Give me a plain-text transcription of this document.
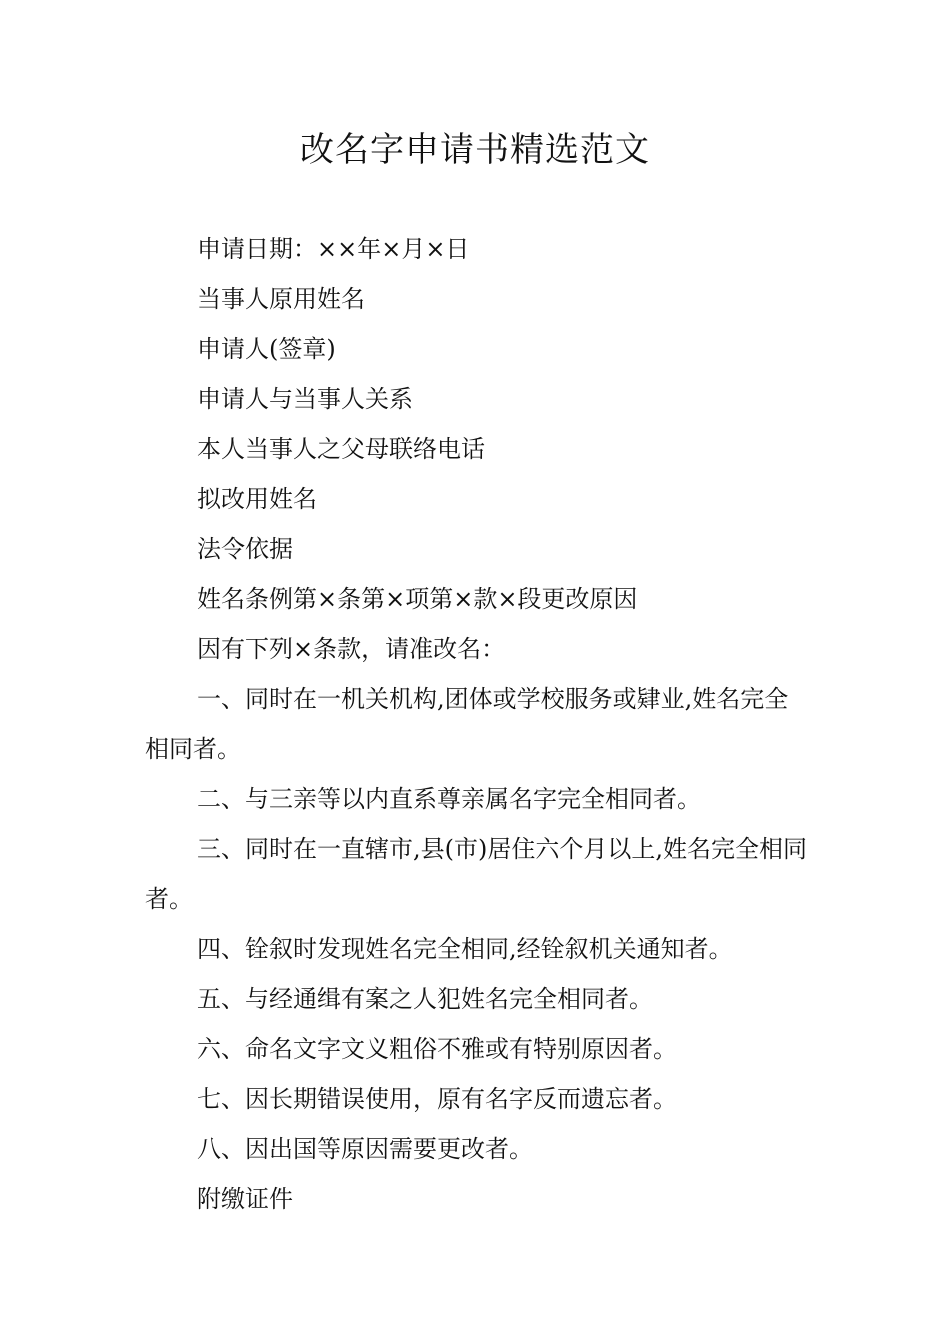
改名字申请书精选范文

申请日期：××年×月×日

当事人原用姓名

申请人(签章)

申请人与当事人关系

本人当事人之父母联络电话

拟改用姓名

法令依据

姓名条例第×条第×项第×款×段更改原因

因有下列×条款，请准改名：

一、同时在一机关机构,团体或学校服务或肄业,姓名完全相同者。

二、与三亲等以内直系尊亲属名字完全相同者。

三、同时在一直辖市,县(市)居住六个月以上,姓名完全相同者。

四、铨叙时发现姓名完全相同,经铨叙机关通知者。

五、与经通缉有案之人犯姓名完全相同者。

六、命名文字文义粗俗不雅或有特别原因者。

七、因长期错误使用，原有名字反而遗忘者。

八、因出国等原因需要更改者。

附缴证件
